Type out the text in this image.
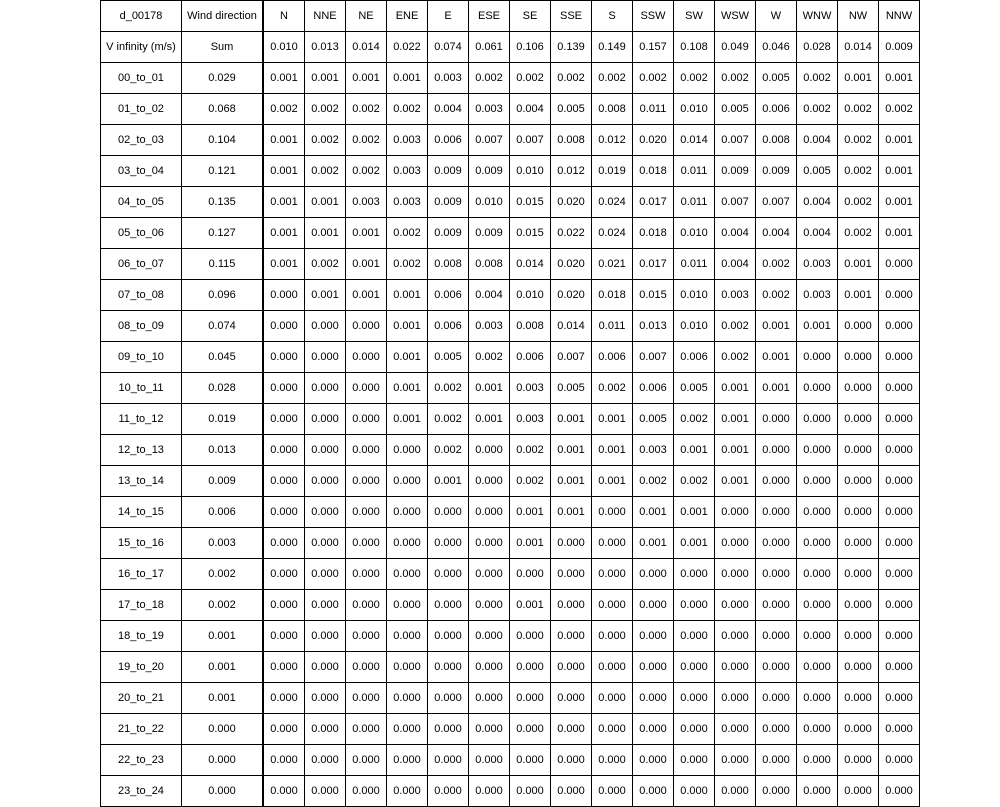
d_00178	Wind direction	N	NNE	NE	ENE	E	ESE	SE	SSE	S	SSW	SW	WSW	W	WNW	NW	NNW
V infinity (m/s)	Sum	0.010	0.013	0.014	0.022	0.074	0.061	0.106	0.139	0.149	0.157	0.108	0.049	0.046	0.028	0.014	0.009
00_to_01	0.029	0.001	0.001	0.001	0.001	0.003	0.002	0.002	0.002	0.002	0.002	0.002	0.002	0.005	0.002	0.001	0.001
01_to_02	0.068	0.002	0.002	0.002	0.002	0.004	0.003	0.004	0.005	0.008	0.011	0.010	0.005	0.006	0.002	0.002	0.002
02_to_03	0.104	0.001	0.002	0.002	0.003	0.006	0.007	0.007	0.008	0.012	0.020	0.014	0.007	0.008	0.004	0.002	0.001
03_to_04	0.121	0.001	0.002	0.002	0.003	0.009	0.009	0.010	0.012	0.019	0.018	0.011	0.009	0.009	0.005	0.002	0.001
04_to_05	0.135	0.001	0.001	0.003	0.003	0.009	0.010	0.015	0.020	0.024	0.017	0.011	0.007	0.007	0.004	0.002	0.001
05_to_06	0.127	0.001	0.001	0.001	0.002	0.009	0.009	0.015	0.022	0.024	0.018	0.010	0.004	0.004	0.004	0.002	0.001
06_to_07	0.115	0.001	0.002	0.001	0.002	0.008	0.008	0.014	0.020	0.021	0.017	0.011	0.004	0.002	0.003	0.001	0.000
07_to_08	0.096	0.000	0.001	0.001	0.001	0.006	0.004	0.010	0.020	0.018	0.015	0.010	0.003	0.002	0.003	0.001	0.000
08_to_09	0.074	0.000	0.000	0.000	0.001	0.006	0.003	0.008	0.014	0.011	0.013	0.010	0.002	0.001	0.001	0.000	0.000
09_to_10	0.045	0.000	0.000	0.000	0.001	0.005	0.002	0.006	0.007	0.006	0.007	0.006	0.002	0.001	0.000	0.000	0.000
10_to_11	0.028	0.000	0.000	0.000	0.001	0.002	0.001	0.003	0.005	0.002	0.006	0.005	0.001	0.001	0.000	0.000	0.000
11_to_12	0.019	0.000	0.000	0.000	0.001	0.002	0.001	0.003	0.001	0.001	0.005	0.002	0.001	0.000	0.000	0.000	0.000
12_to_13	0.013	0.000	0.000	0.000	0.000	0.002	0.000	0.002	0.001	0.001	0.003	0.001	0.001	0.000	0.000	0.000	0.000
13_to_14	0.009	0.000	0.000	0.000	0.000	0.001	0.000	0.002	0.001	0.001	0.002	0.002	0.001	0.000	0.000	0.000	0.000
14_to_15	0.006	0.000	0.000	0.000	0.000	0.000	0.000	0.001	0.001	0.000	0.001	0.001	0.000	0.000	0.000	0.000	0.000
15_to_16	0.003	0.000	0.000	0.000	0.000	0.000	0.000	0.001	0.000	0.000	0.001	0.001	0.000	0.000	0.000	0.000	0.000
16_to_17	0.002	0.000	0.000	0.000	0.000	0.000	0.000	0.000	0.000	0.000	0.000	0.000	0.000	0.000	0.000	0.000	0.000
17_to_18	0.002	0.000	0.000	0.000	0.000	0.000	0.000	0.001	0.000	0.000	0.000	0.000	0.000	0.000	0.000	0.000	0.000
18_to_19	0.001	0.000	0.000	0.000	0.000	0.000	0.000	0.000	0.000	0.000	0.000	0.000	0.000	0.000	0.000	0.000	0.000
19_to_20	0.001	0.000	0.000	0.000	0.000	0.000	0.000	0.000	0.000	0.000	0.000	0.000	0.000	0.000	0.000	0.000	0.000
20_to_21	0.001	0.000	0.000	0.000	0.000	0.000	0.000	0.000	0.000	0.000	0.000	0.000	0.000	0.000	0.000	0.000	0.000
21_to_22	0.000	0.000	0.000	0.000	0.000	0.000	0.000	0.000	0.000	0.000	0.000	0.000	0.000	0.000	0.000	0.000	0.000
22_to_23	0.000	0.000	0.000	0.000	0.000	0.000	0.000	0.000	0.000	0.000	0.000	0.000	0.000	0.000	0.000	0.000	0.000
23_to_24	0.000	0.000	0.000	0.000	0.000	0.000	0.000	0.000	0.000	0.000	0.000	0.000	0.000	0.000	0.000	0.000	0.000
